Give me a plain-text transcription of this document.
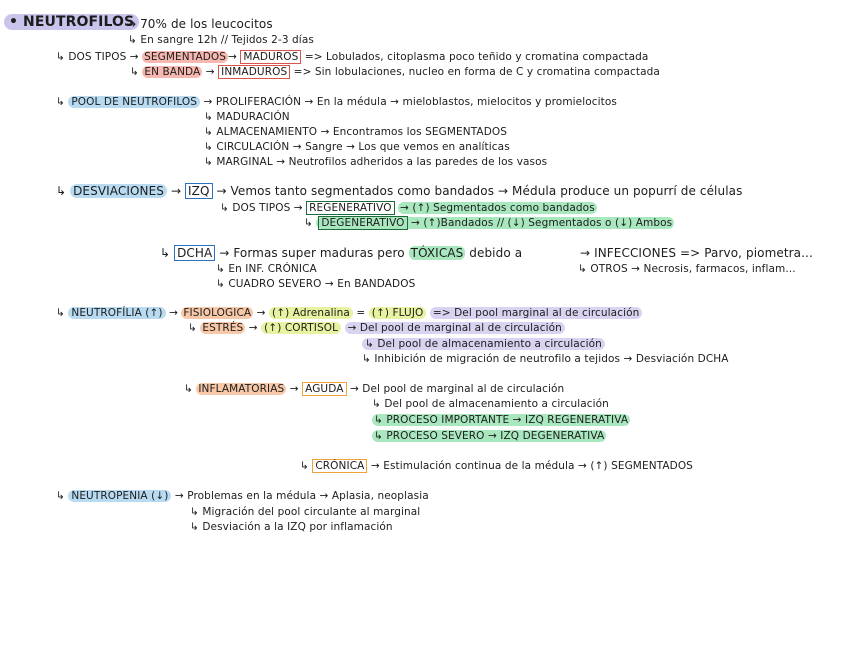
• NEUTROFILOS
→ 70% de los leucocitos
↳ En sangre 12h // Tejidos 2-3 días
↳ DOS TIPOS → SEGMENTADOS → MADUROS => Lobulados, citoplasma poco teñido y cromatina compactada
↳ EN BANDA → INMADUROS => Sin lobulaciones, nucleo en forma de C y cromatina compactada
↳ POOL DE NEUTROFILOS → PROLIFERACIÓN → En la médula → mieloblastos, mielocitos y promielocitos
↳ MADURACIÓN
↳ ALMACENAMIENTO → Encontramos los SEGMENTADOS
↳ CIRCULACIÓN → Sangre → Los que vemos en analíticas
↳ MARGINAL → Neutrofilos adheridos a las paredes de los vasos
↳ DESVIACIONES → IZQ → Vemos tanto segmentados como bandados → Médula produce un popurrí de células
↳ DOS TIPOS → REGENERATIVO → (↑) Segmentados como bandados
↳ DEGENERATIVO → (↑)Bandados // (↓) Segmentados o (↓) Ambos
↳ DCHA → Formas super maduras pero TÓXICAS debido a	→ INFECCIONES => Parvo, piometra...
↳ OTROS → Necrosis, farmacos, inflam...
↳ En INF. CRÓNICA
↳ CUADRO SEVERO → En BANDADOS
↳ NEUTROFÍLIA (↑) → FISIOLOGICA → (↑) Adrenalina = (↑) FLUJO => Del pool marginal al de circulación
↳ ESTRÉS → (↑) CORTISOL → Del pool de marginal al de circulación
↳ Del pool de almacenamiento a circulación
↳ Inhibición de migración de neutrofilo a tejidos → Desviación DCHA
↳ INFLAMATORIAS → AGUDA → Del pool de marginal al de circulación
↳ Del pool de almacenamiento a circulación
↳ PROCESO IMPORTANTE → IZQ REGENERATIVA
↳ PROCESO SEVERO → IZQ DEGENERATIVA
↳ CRÓNICA → Estimulación continua de la médula → (↑) SEGMENTADOS
↳ NEUTROPENIA (↓) → Problemas en la médula → Aplasia, neoplasia
↳ Migración del pool circulante al marginal
↳ Desviación a la IZQ por inflamación
